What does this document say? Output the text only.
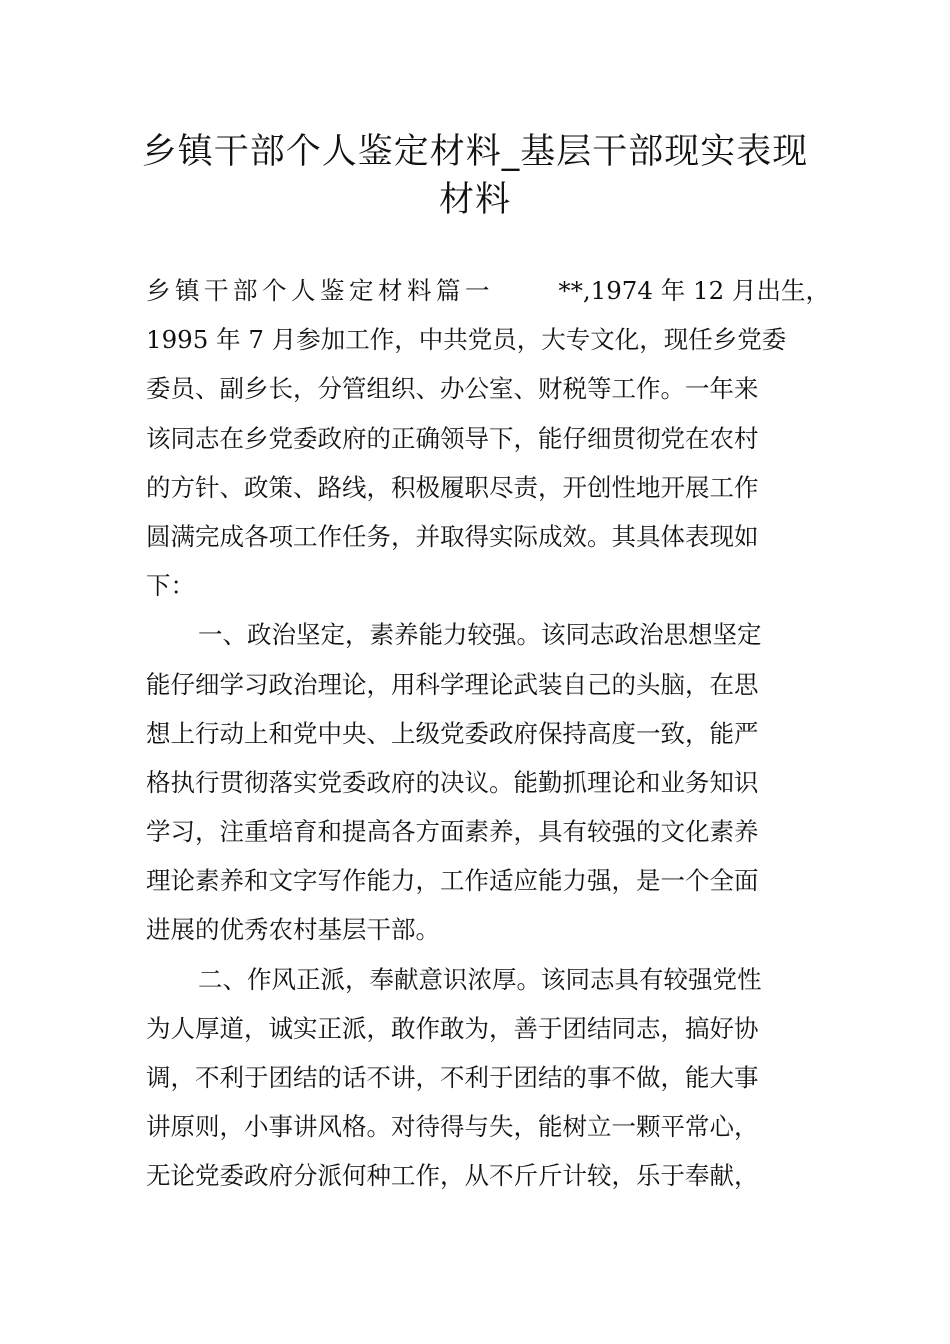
乡镇干部个人鉴定材料_基层干部现实表现
材料
乡镇干部个人鉴定材料篇一	**,1974 年 12 月出生，
1995 年 7 月参加工作，中共党员，大专文化，现任乡党委
委员、副乡长，分管组织、办公室、财税等工作。一年来
该同志在乡党委政府的正确领导下，能仔细贯彻党在农村
的方针、政策、路线，积极履职尽责，开创性地开展工作
圆满完成各项工作任务，并取得实际成效。其具体表现如
下：
一、政治坚定，素养能力较强。该同志政治思想坚定
能仔细学习政治理论，用科学理论武装自己的头脑，在思
想上行动上和党中央、上级党委政府保持高度一致，能严
格执行贯彻落实党委政府的决议。能勤抓理论和业务知识
学习，注重培育和提高各方面素养，具有较强的文化素养
理论素养和文字写作能力，工作适应能力强，是一个全面
进展的优秀农村基层干部。
二、作风正派，奉献意识浓厚。该同志具有较强党性
为人厚道，诚实正派，敢作敢为，善于团结同志，搞好协
调，不利于团结的话不讲，不利于团结的事不做，能大事
讲原则，小事讲风格。对待得与失，能树立一颗平常心，
无论党委政府分派何种工作，从不斤斤计较，乐于奉献，
